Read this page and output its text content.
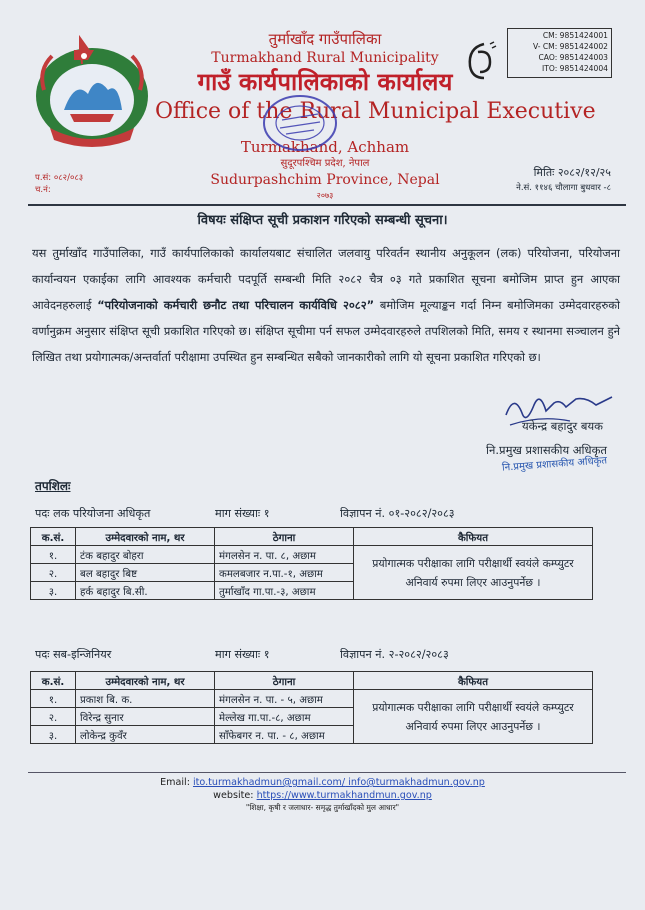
तुर्माखाँद गाउँपालिका
Turmakhand Rural Municipality
गाउँ कार्यपालिकाको कार्यालय
Office of the Rural Municipal Executive
Turmakhand, Achham
सुदूरपश्चिम प्रदेश, नेपाल
Sudurpashchim Province, Nepal
२०७३
CM: 9851424001
V- CM: 9851424002
CAO: 9851424003
ITO: 9851424004
प.सं: ०८२/०८३
च.नं:
मितिः २०८२/१२/२५
ने.सं. ११४६ चौलागा बुधवार -८
विषयः संक्षिप्त सूची प्रकाशन गरिएको सम्बन्धी सूचना।
यस तुर्माखाँद गाउँपालिका, गाउँ कार्यपालिकाको कार्यालयबाट संचालित जलवायु परिवर्तन स्थानीय अनुकूलन (लक) परियोजना, परियोजना कार्यान्वयन एकाईका लागि आवश्यक कर्मचारी पदपूर्ति सम्बन्धी मिति २०८२ चैत्र ०३ गते प्रकाशित सूचना बमोजिम प्राप्त हुन आएका आवेदनहरुलाई “परियोजनाको कर्मचारी छनौट तथा परिचालन कार्यविधि २०८२” बमोजिम मूल्याङ्कन गर्दा निम्न बमोजिमका उम्मेदवारहरुको वर्णानुक्रम अनुसार संक्षिप्त सूची प्रकाशित गरिएको छ। संक्षिप्त सूचीमा पर्न सफल उम्मेदवारहरुले तपशिलको मिति, समय र स्थानमा सञ्चालन हुने लिखित तथा प्रयोगात्मक/अन्तर्वार्ता परीक्षामा उपस्थित हुन सम्बन्धित सबैको जानकारीको लागि यो सूचना प्रकाशित गरिएको छ।
यकेन्द्र बहादुर बयक
नि.प्रमुख प्रशासकीय अधिकृत
नि.प्रमुख प्रशासकीय अधिकृत
तपशिलः
पदः लक परियोजना अधिकृत	माग संख्याः १	विज्ञापन नं. ०१-२०८२/२०८३
क.सं.	उम्मेदवारको नाम, थर	ठेगाना	कैफियत
१.	टंक बहादुर बोहरा	मंगलसेन न. पा. ८, अछाम	प्रयोगात्मक परीक्षाका लागि परीक्षार्थी स्वयंले कम्प्युटर अनिवार्य रुपमा लिएर आउनुपर्नेछ ।
२.	बल बहादुर बिष्ट	कमलबजार न.पा.-१, अछाम	
३.	हर्क बहादुर बि.सी.	तुर्माखाँद गा.पा.-३, अछाम	
पदः सब-इन्जिनियर	माग संख्याः १	विज्ञापन नं. २-२०८२/२०८३
क.सं.	उम्मेदवारको नाम, थर	ठेगाना	कैफियत
१.	प्रकाश बि. क.	मंगलसेन न. पा. - ५, अछाम	प्रयोगात्मक परीक्षाका लागि परीक्षार्थी स्वयंले कम्प्युटर अनिवार्य रुपमा लिएर आउनुपर्नेछ ।
२.	विरेन्द्र सुनार	मेल्लेख गा.पा.-८, अछाम	
३.	लोकेन्द्र कुवँर	साँफेबगर न. पा. - ८, अछाम	
Email: ito.turmakhadmun@gmail.com/ info@turmakhadmun.gov.np
website: https://www.turmakhandmun.gov.np
"शिक्षा, कृषी र जलाधार- समृद्ध तुर्माखाँदको मुल आधार"
